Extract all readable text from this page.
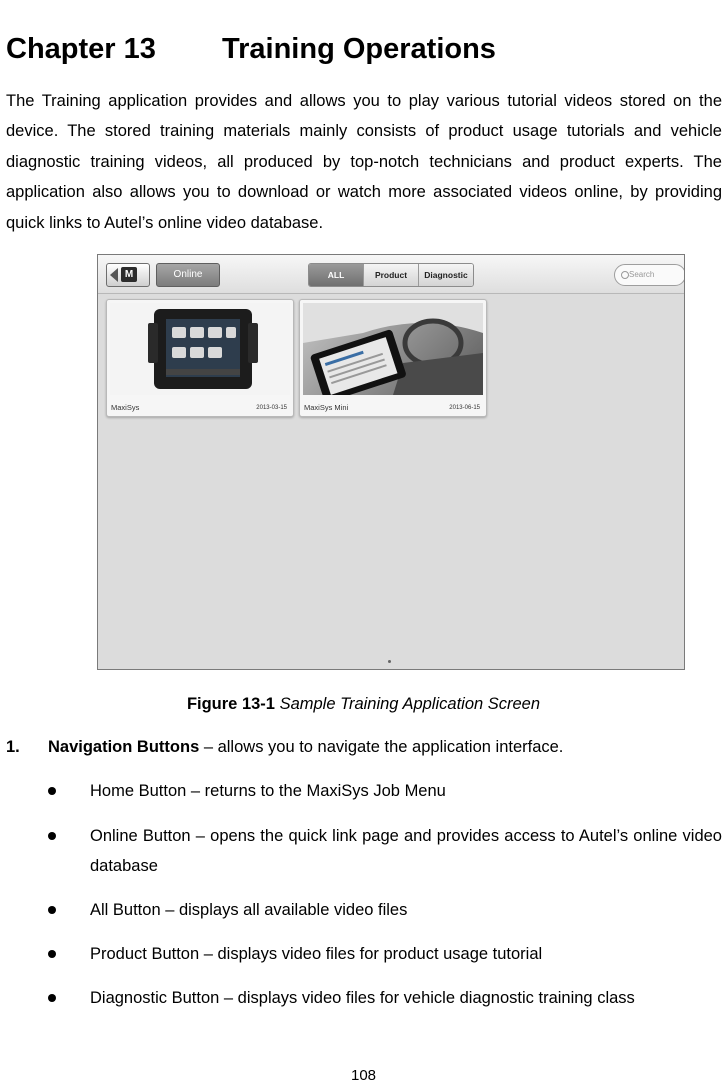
Chapter 13 Training Operations

The Training application provides and allows you to play various tutorial videos stored on the device. The stored training materials mainly consists of product usage tutorials and vehicle diagnostic training videos, all produced by top-notch technicians and product experts. The application also allows you to download or watch more associated videos online, by providing quick links to Autel’s online video database.

M	Online	ALL	Product	Diagnostic	Search
MaxiSys	2013-03-15 MaxiSys Mini	2013-06-15
Figure 13-1 Sample Training Application Screen
1. Navigation Buttons – allows you to navigate the application interface.
Home Button – returns to the MaxiSys Job Menu
Online Button – opens the quick link page and provides access to Autel’s online video database
All Button – displays all available video files
Product Button – displays video files for product usage tutorial
Diagnostic Button – displays video files for vehicle diagnostic training class
108
